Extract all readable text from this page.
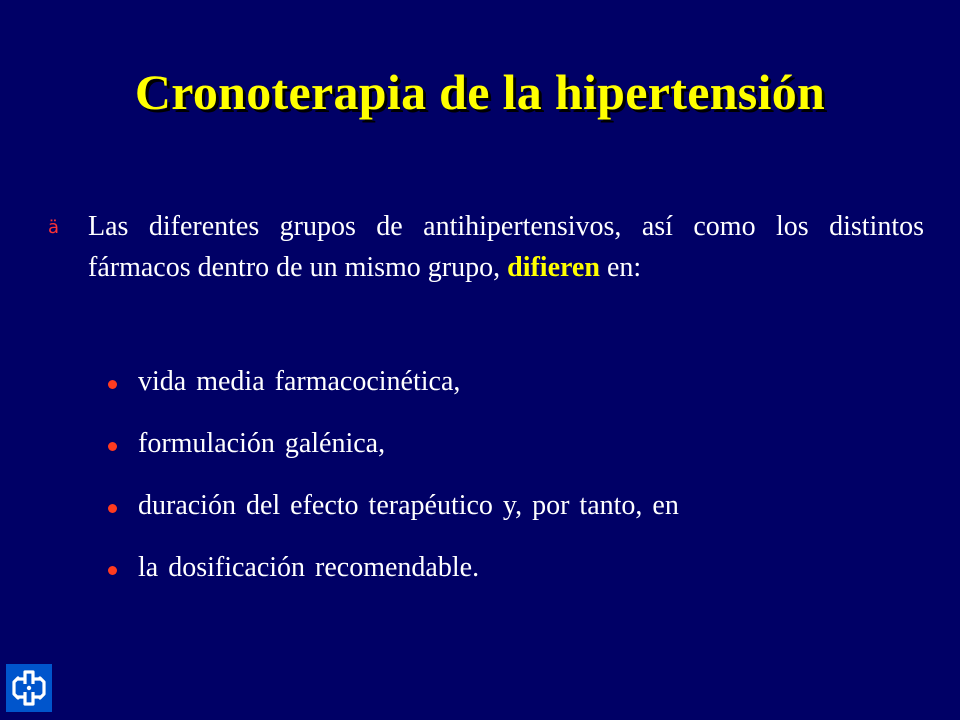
Cronoterapia de la hipertensión
ä	Las diferentes grupos de antihipertensivos, así como los distintos fármacos dentro de un mismo grupo, difieren en:
vida media farmacocinética,
formulación galénica,
duración del efecto terapéutico y, por tanto, en
la dosificación recomendable.
